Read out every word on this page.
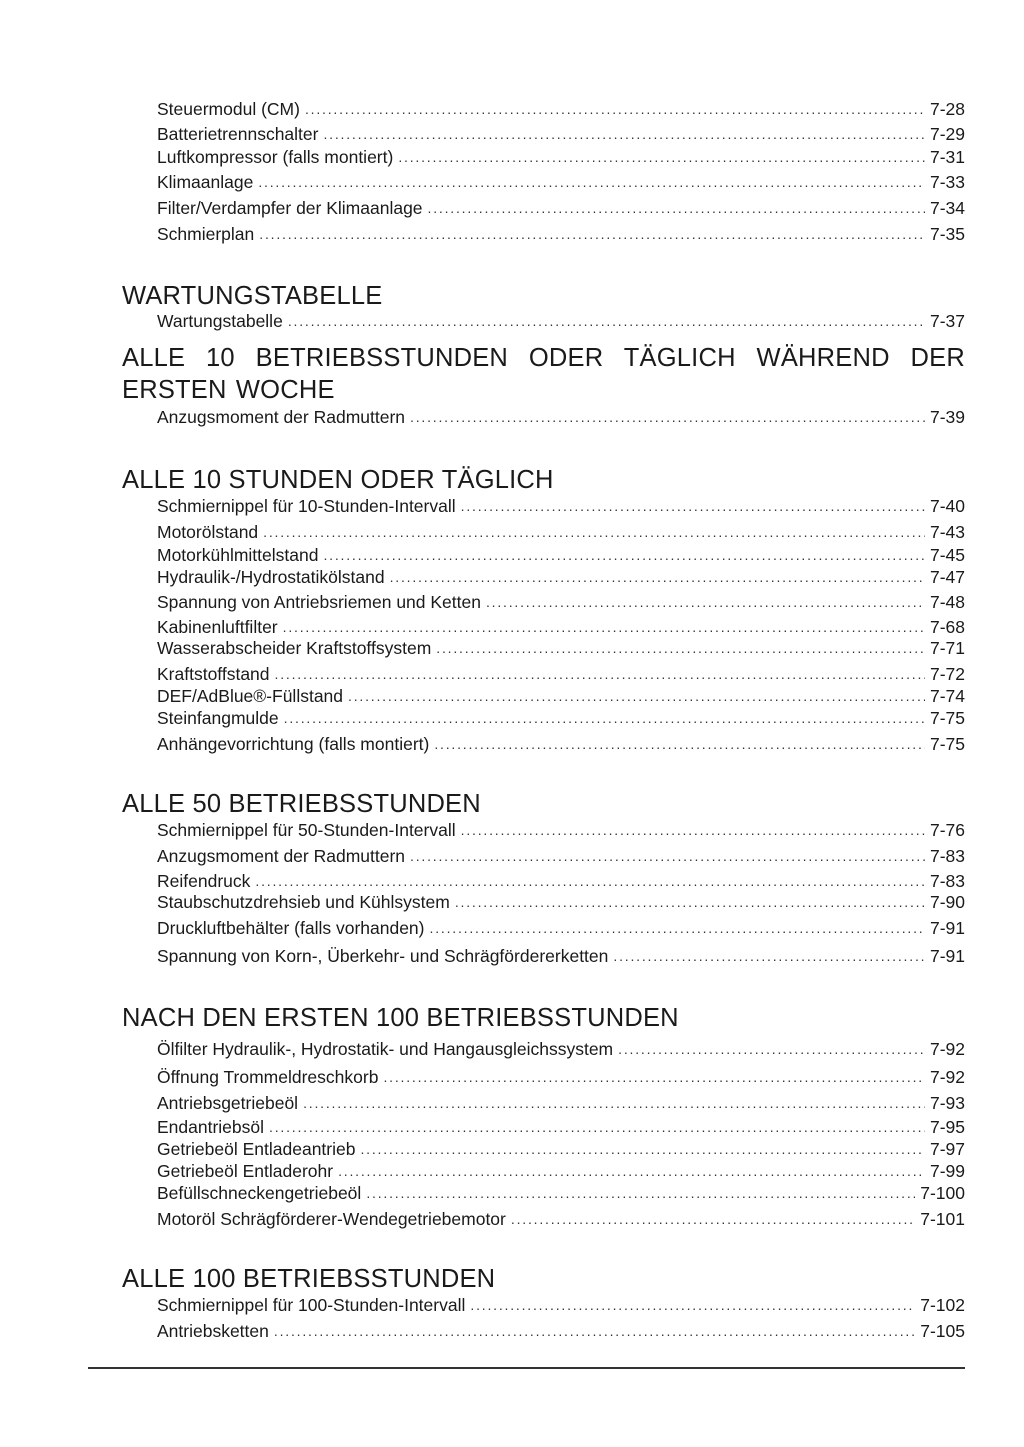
Steuermodul (CM) .....	7-28
Batterietrennschalter .....	7-29
Luftkompressor (falls montiert) .....	7-31
Klimaanlage .....	7-33
Filter/Verdampfer der Klimaanlage .....	7-34
Schmierplan .....	7-35
WARTUNGSTABELLE
Wartungstabelle .....	7-37
ALLE 10 BETRIEBSSTUNDEN ODER TÄGLICH WÄHREND DER ERSTEN WOCHE
Anzugsmoment der Radmuttern .....	7-39
ALLE 10 STUNDEN ODER TÄGLICH
Schmiernippel für 10-Stunden-Intervall .....	7-40
Motorölstand .....	7-43
Motorkühlmittelstand .....	7-45
Hydraulik-/Hydrostatikölstand .....	7-47
Spannung von Antriebsriemen und Ketten .....	7-48
Kabinenluftfilter .....	7-68
Wasserabscheider Kraftstoffsystem .....	7-71
Kraftstoffstand .....	7-72
DEF/AdBlue®-Füllstand .....	7-74
Steinfangmulde .....	7-75
Anhängevorrichtung (falls montiert) .....	7-75
ALLE 50 BETRIEBSSTUNDEN
Schmiernippel für 50-Stunden-Intervall .....	7-76
Anzugsmoment der Radmuttern .....	7-83
Reifendruck .....	7-83
Staubschutzdrehsieb und Kühlsystem .....	7-90
Druckluftbehälter (falls vorhanden) .....	7-91
Spannung von Korn-, Überkehr- und Schrägfördererketten .....	7-91
NACH DEN ERSTEN 100 BETRIEBSSTUNDEN
Ölfilter Hydraulik-, Hydrostatik- und Hangausgleichssystem .....	7-92
Öffnung Trommeldreschkorb .....	7-92
Antriebsgetriebeöl .....	7-93
Endantriebsöl .....	7-95
Getriebeöl Entladeantrieb .....	7-97
Getriebeöl Entladerohr .....	7-99
Befüllschneckengetriebeöl .....	7-100
Motoröl Schrägförderer-Wendegetriebemotor .....	7-101
ALLE 100 BETRIEBSSTUNDEN
Schmiernippel für 100-Stunden-Intervall .....	7-102
Antriebsketten .....	7-105
